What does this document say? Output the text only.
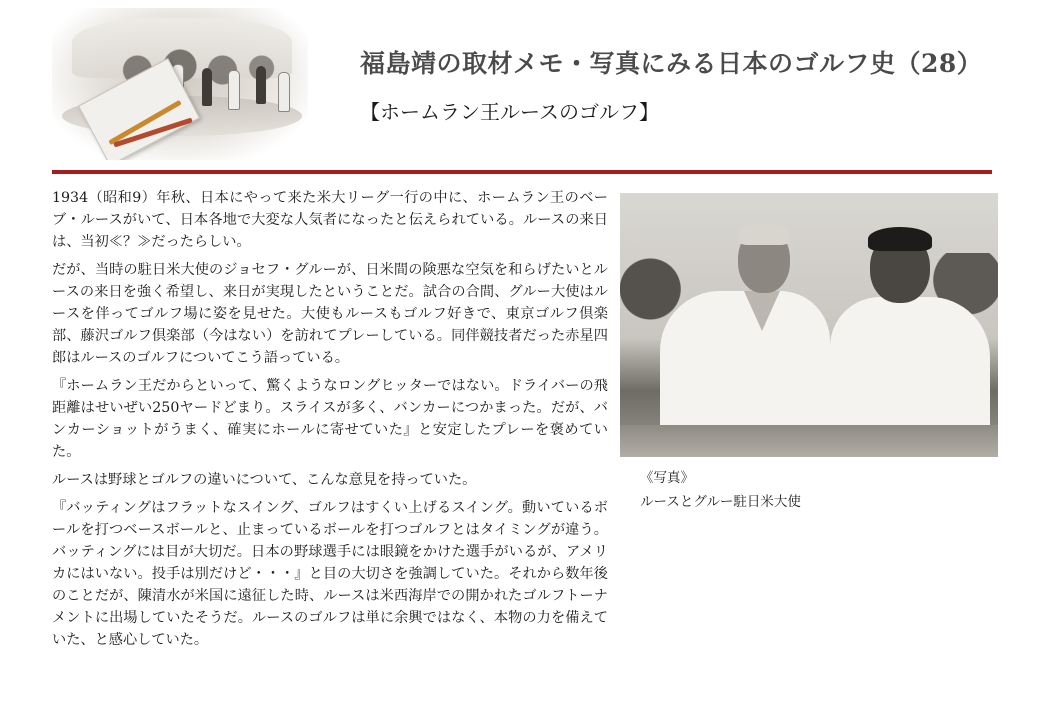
福島靖の取材メモ・写真にみる日本のゴルフ史（28）
【ホームラン王ルースのゴルフ】

1934（昭和9）年秋、日本にやって来た米大リーグ一行の中に、ホームラン王のベーブ・ルースがいて、日本各地で大変な人気者になったと伝えられている。ルースの来日は、当初≪？≫だったらしい。

だが、当時の駐日米大使のジョセフ・グルーが、日米間の険悪な空気を和らげたいとルースの来日を強く希望し、来日が実現したということだ。試合の合間、グルー大使はルースを伴ってゴルフ場に姿を見せた。大使もルースもゴルフ好きで、東京ゴルフ倶楽部、藤沢ゴルフ倶楽部（今はない）を訪れてプレーしている。同伴競技者だった赤星四郎はルースのゴルフについてこう語っている。

『ホームラン王だからといって、驚くようなロングヒッターではない。ドライバーの飛距離はせいぜい250ヤードどまり。スライスが多く、バンカーにつかまった。だが、バンカーショットがうまく、確実にホールに寄せていた』と安定したプレーを褒めていた。

ルースは野球とゴルフの違いについて、こんな意見を持っていた。

『バッティングはフラットなスイング、ゴルフはすくい上げるスイング。動いているボールを打つベースボールと、止まっているボールを打つゴルフとはタイミングが違う。バッティングには目が大切だ。日本の野球選手には眼鏡をかけた選手がいるが、アメリカにはいない。投手は別だけど・・・』と目の大切さを強調していた。それから数年後のことだが、陳清水が米国に遠征した時、ルースは米西海岸での開かれたゴルフトーナメントに出場していたそうだ。ルースのゴルフは単に余興ではなく、本物の力を備えていた、と感心していた。

《写真》
ルースとグルー駐日米大使
